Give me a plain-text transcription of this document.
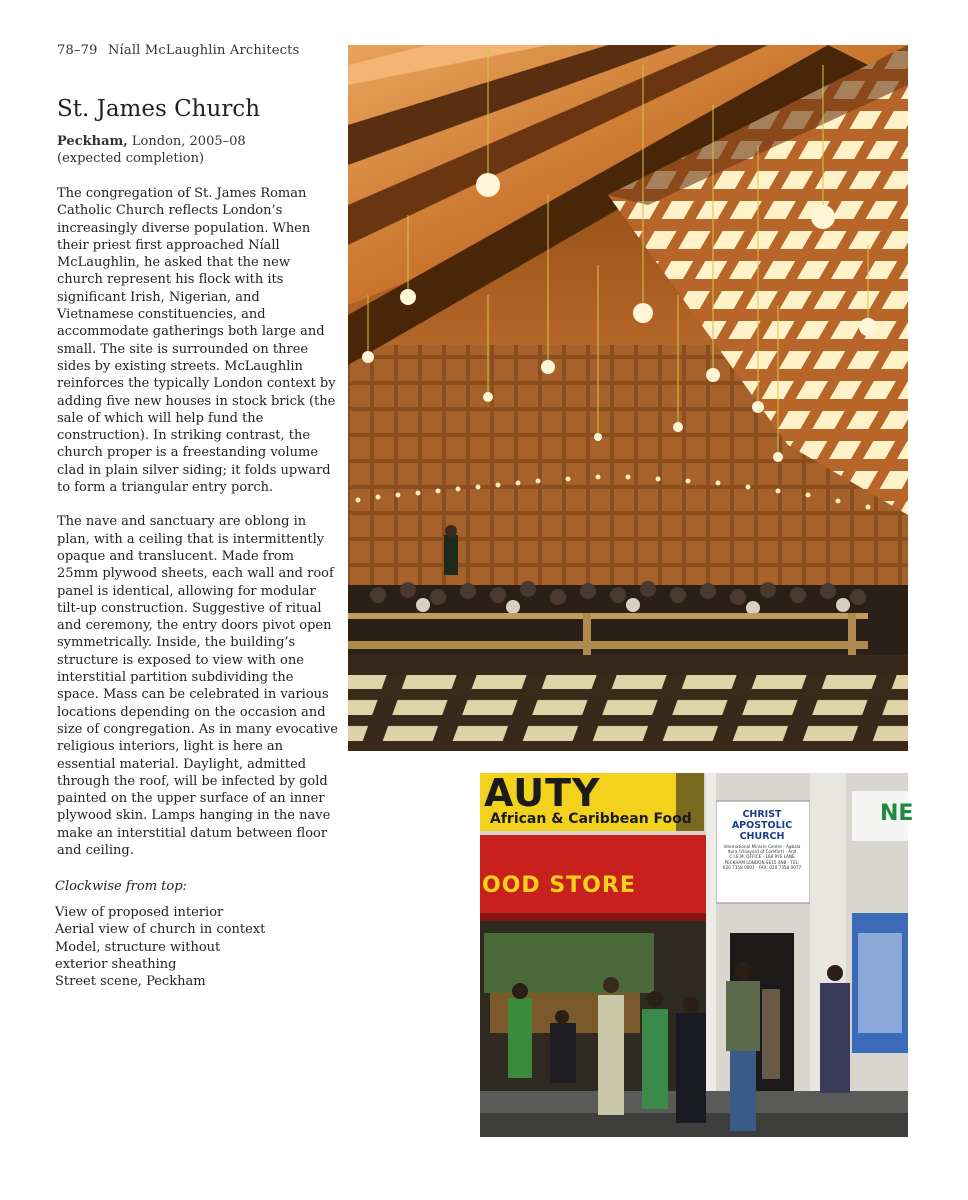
78–79 Níall McLaughlin Architects
St. James Church
Peckham, London, 2005–08
(expected completion)

The congregation of St. James Roman Catholic Church reflects London’s increasingly diverse population. When their priest first approached Níall McLaughlin, he asked that the new church represent his flock with its significant Irish, Nigerian, and Vietnamese constituencies, and accommodate gatherings both large and small. The site is surrounded on three sides by existing streets. McLaughlin reinforces the typically London context by adding five new houses in stock brick (the sale of which will help fund the construction). In striking contrast, the church proper is a freestanding volume clad in plain silver siding; it folds upward to form a triangular entry porch.

The nave and sanctuary are oblong in plan, with a ceiling that is intermittently opaque and translucent. Made from 25mm plywood sheets, each wall and roof panel is identical, allowing for modular tilt-up construction. Suggestive of ritual and ceremony, the entry doors pivot open symmetrically. Inside, the building’s structure is exposed to view with one interstitial partition subdividing the space. Mass can be celebrated in various locations depending on the occasion and size of congregation. As in many evocative religious interiors, light is here an essential material. Daylight, admitted through the roof, will be infected by gold painted on the upper surface of an inner plywood skin. Lamps hanging in the nave make an interstitial datum between floor and ceiling.

Clockwise from top:
View of proposed interior
Aerial view of church in context
Model, structure without
exterior sheathing
Street scene, Peckham
AUTY
African & Caribbean Food
OOD STORE
CHRIST APOSTOLIC CHURCH
International Miracle Centre · Agbala Itura (Vineyard of Comfort) · And C.I.E.M. OFFICE · 168 RYE LANE PECKHAM LONDON SE15 4NB · TEL: 020 7358 0001 · FAX: 020 7358 0077
NE
